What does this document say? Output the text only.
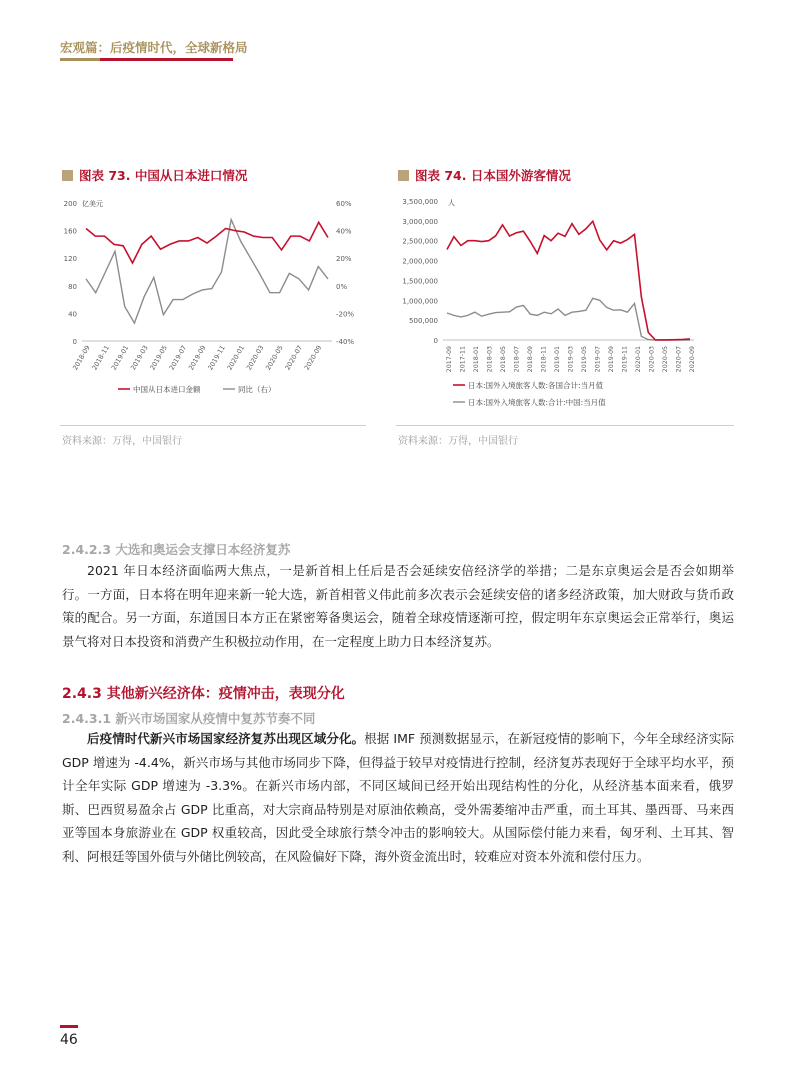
宏观篇：后疫情时代，全球新格局
图表 73. 中国从日本进口情况
200
160
120
80
40
0
60%
40%
20%
0%
-20%
-40%
亿美元
2018-09
2018-11
2019-01
2019-03
2019-05
2019-07
2019-09
2019-11
2020-01
2020-03
2020-05
2020-07
2020-09
中国从日本进口金额	同比（右）
资料来源：万得，中国银行
图表 74. 日本国外游客情况
3,500,000
3,000,000
2,500,000
2,000,000
1,500,000
1,000,000
500,000
0
人
2017-09 2017-11 2018-01 2018-03 2018-05 2018-07 2018-09 2018-11 2019-01 2019-03 2019-05 2019-07 2019-09 2019-11 2020-01 2020-03 2020-05 2020-07 2020-09
日本:国外入境旅客人数:各国合计:当月值
日本:国外入境旅客人数:合计:中国:当月值
资料来源：万得，中国银行
2.4.2.3 大选和奥运会支撑日本经济复苏

2021 年日本经济面临两大焦点，一是新首相上任后是否会延续安倍经济学的举措；二是东京奥运会是否会如期举行。一方面，日本将在明年迎来新一轮大选，新首相菅义伟此前多次表示会延续安倍的诸多经济政策，加大财政与货币政策的配合。另一方面，东道国日本方正在紧密筹备奥运会，随着全球疫情逐渐可控，假定明年东京奥运会正常举行，奥运景气将对日本投资和消费产生积极拉动作用，在一定程度上助力日本经济复苏。

2.4.3 其他新兴经济体：疫情冲击，表现分化
2.4.3.1 新兴市场国家从疫情中复苏节奏不同

后疫情时代新兴市场国家经济复苏出现区域分化。根据 IMF 预测数据显示，在新冠疫情的影响下，今年全球经济实际 GDP 增速为 -4.4%，新兴市场与其他市场同步下降，但得益于较早对疫情进行控制，经济复苏表现好于全球平均水平，预计全年实际 GDP 增速为 -3.3%。在新兴市场内部，不同区域间已经开始出现结构性的分化，从经济基本面来看，俄罗斯、巴西贸易盈余占 GDP 比重高，对大宗商品特别是对原油依赖高，受外需萎缩冲击严重，而土耳其、墨西哥、马来西亚等国本身旅游业在 GDP 权重较高，因此受全球旅行禁令冲击的影响较大。从国际偿付能力来看，匈牙利、土耳其、智利、阿根廷等国外债与外储比例较高，在风险偏好下降，海外资金流出时，较难应对资本外流和偿付压力。

46
